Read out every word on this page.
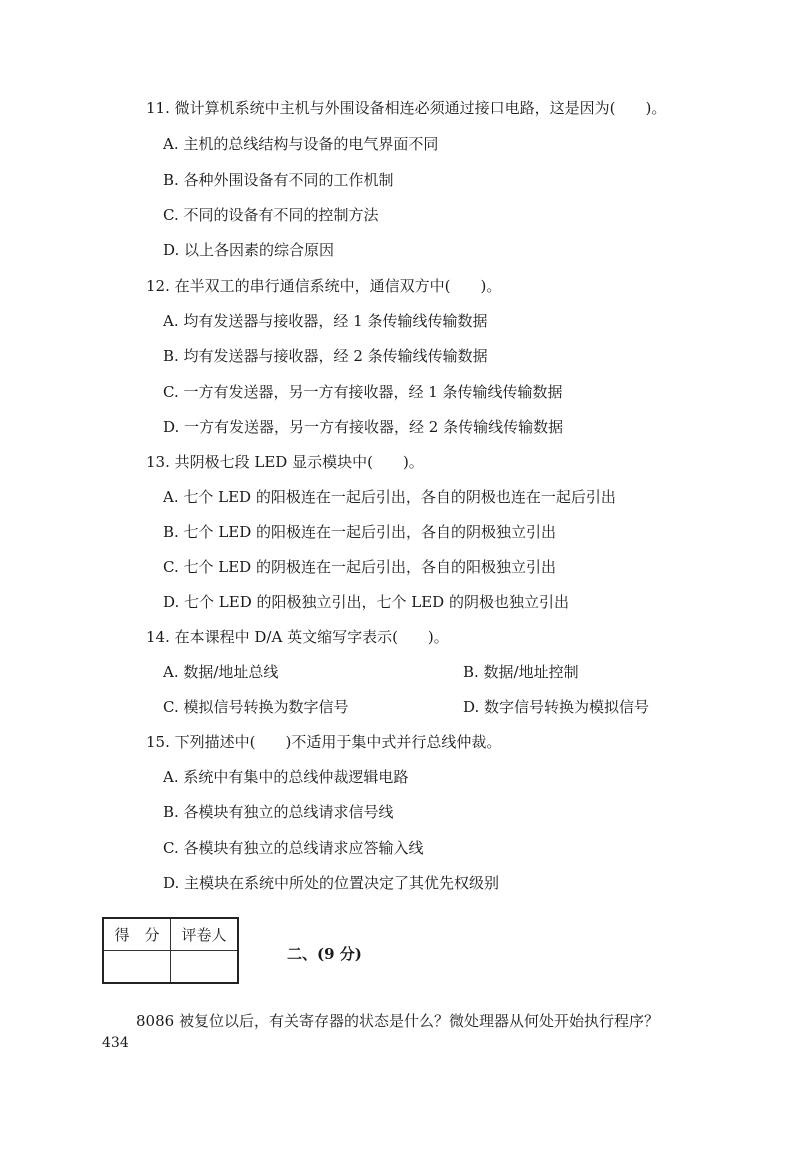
11. 微计算机系统中主机与外围设备相连必须通过接口电路，这是因为(　　)。
A. 主机的总线结构与设备的电气界面不同
B. 各种外围设备有不同的工作机制
C. 不同的设备有不同的控制方法
D. 以上各因素的综合原因
12. 在半双工的串行通信系统中，通信双方中(　　)。
A. 均有发送器与接收器，经 1 条传输线传输数据
B. 均有发送器与接收器，经 2 条传输线传输数据
C. 一方有发送器，另一方有接收器，经 1 条传输线传输数据
D. 一方有发送器，另一方有接收器，经 2 条传输线传输数据
13. 共阴极七段 LED 显示模块中(　　)。
A. 七个 LED 的阳极连在一起后引出，各自的阴极也连在一起后引出
B. 七个 LED 的阳极连在一起后引出，各自的阴极独立引出
C. 七个 LED 的阴极连在一起后引出，各自的阳极独立引出
D. 七个 LED 的阳极独立引出，七个 LED 的阴极也独立引出
14. 在本课程中 D/A 英文缩写字表示(　　)。
A. 数据/地址总线	B. 数据/地址控制
C. 模拟信号转换为数字信号	D. 数字信号转换为模拟信号
15. 下列描述中(　　)不适用于集中式并行总线仲裁。
A. 系统中有集中的总线仲裁逻辑电路
B. 各模块有独立的总线请求信号线
C. 各模块有独立的总线请求应答输入线
D. 主模块在系统中所处的位置决定了其优先权级别
得　分	评卷人

二、(9 分)
8086 被复位以后，有关寄存器的状态是什么？微处理器从何处开始执行程序？
434
